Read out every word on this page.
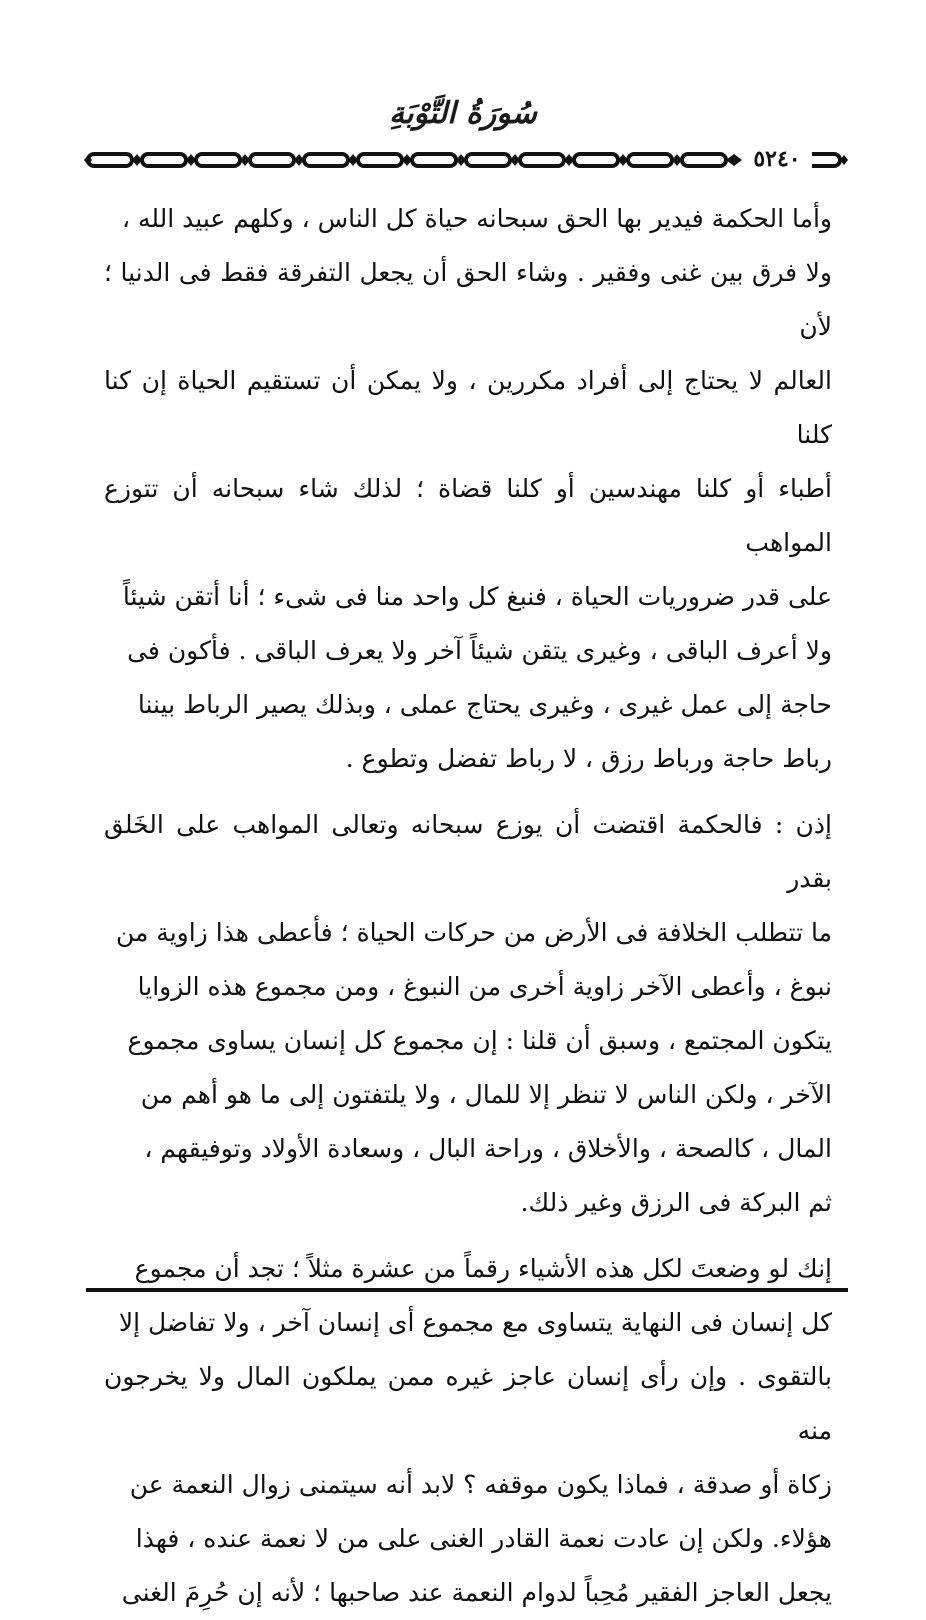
سُورَةُ التَّوْبَةِ
٥٢٤٠

وأما الحكمة فيدير بها الحق سبحانه حياة كل الناس ، وكلهم عبيد الله ،

ولا فرق بين غنى وفقير . وشاء الحق أن يجعل التفرقة فقط فى الدنيا ؛ لأن

العالم لا يحتاج إلى أفراد مكررين ، ولا يمكن أن تستقيم الحياة إن كنا كلنا

أطباء أو كلنا مهندسين أو كلنا قضاة ؛ لذلك شاء سبحانه أن تتوزع المواهب

على قدر ضروريات الحياة ، فنبغ كل واحد منا فى شىء ؛ أنا أتقن شيئاً

ولا أعرف الباقى ، وغيرى يتقن شيئاً آخر ولا يعرف الباقى . فأكون فى

حاجة إلى عمل غيرى ، وغيرى يحتاج عملى ، وبذلك يصير الرباط بيننا

رباط حاجة ورباط رزق ، لا رباط تفضل وتطوع .

إذن : فالحكمة اقتضت أن يوزع سبحانه وتعالى المواهب على الخَلق بقدر

ما تتطلب الخلافة فى الأرض من حركات الحياة ؛ فأعطى هذا زاوية من

نبوغ ، وأعطى الآخر زاوية أخرى من النبوغ ، ومن مجموع هذه الزوايا

يتكون المجتمع ، وسبق أن قلنا : إن مجموع كل إنسان يساوى مجموع

الآخر ، ولكن الناس لا تنظر إلا للمال ، ولا يلتفتون إلى ما هو أهم من

المال ، كالصحة ، والأخلاق ، وراحة البال ، وسعادة الأولاد وتوفيقهم ،

ثم البركة فى الرزق وغير ذلك.

إنك لو وضعتَ لكل هذه الأشياء رقماً من عشرة مثلاً ؛ تجد أن مجموع

كل إنسان فى النهاية يتساوى مع مجموع أى إنسان آخر ، ولا تفاضل إلا

بالتقوى . وإن رأى إنسان عاجز غيره ممن يملكون المال ولا يخرجون منه

زكاة أو صدقة ، فماذا يكون موقفه ؟ لابد أنه سيتمنى زوال النعمة عن

هؤلاء. ولكن إن عادت نعمة القادر الغنى على من لا نعمة عنده ، فهذا

يجعل العاجز الفقير مُحِباً لدوام النعمة عند صاحبها ؛ لأنه إن حُرِمَ الغنى
